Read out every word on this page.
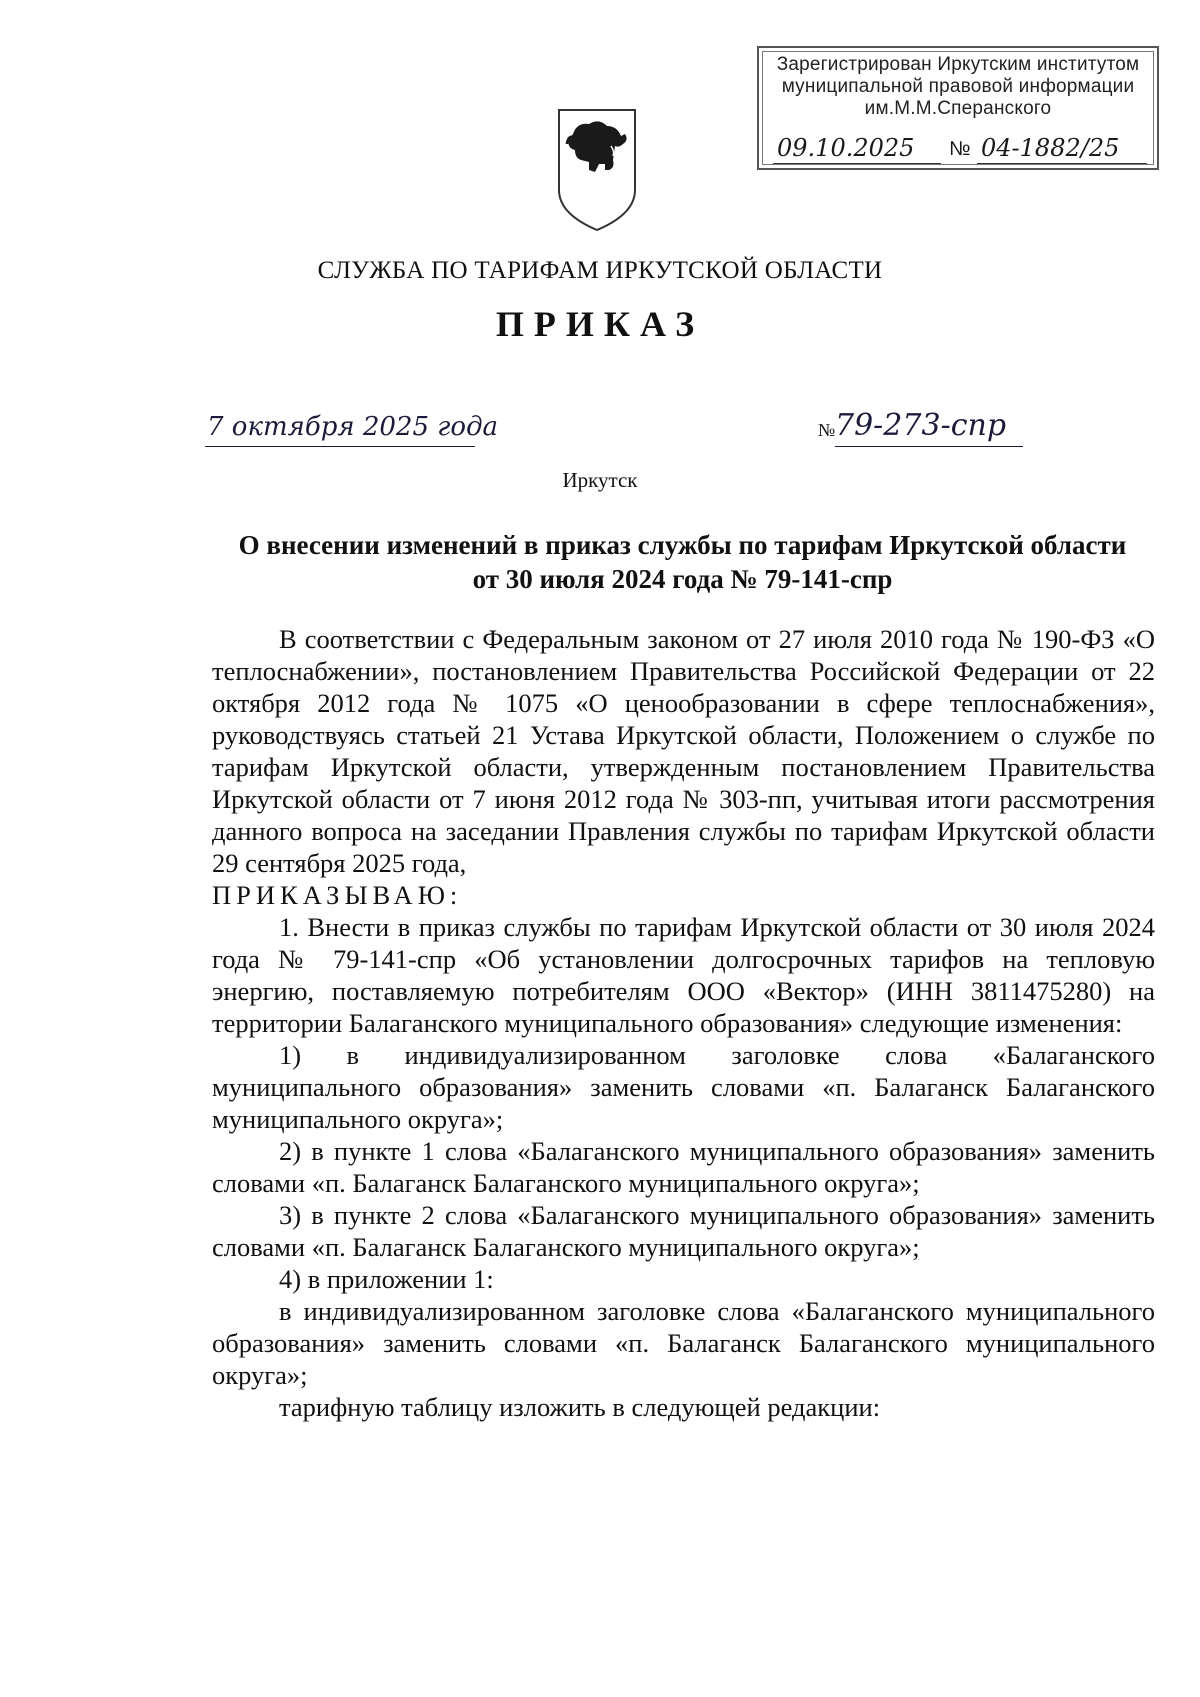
Зарегистрирован Иркутским институтом
муниципальной правовой информации
им.М.М.Сперанского
09.10.2025 № 04-1882/25
СЛУЖБА ПО ТАРИФАМ ИРКУТСКОЙ ОБЛАСТИ
ПРИКАЗ
7 октября 2025 года	№ 79-273-спр
Иркутск
О внесении изменений в приказ службы по тарифам Иркутской области
от 30 июля 2024 года № 79-141-спр

В соответствии с Федеральным законом от 27 июля 2010 года № 190-ФЗ «О теплоснабжении», постановлением Правительства Российской Федерации от 22 октября 2012 года № 1075 «О ценообразовании в сфере теплоснабжения», руководствуясь статьей 21 Устава Иркутской области, Положением о службе по тарифам Иркутской области, утвержденным постановлением Правительства Иркутской области от 7 июня 2012 года № 303-пп, учитывая итоги рассмотрения данного вопроса на заседании Правления службы по тарифам Иркутской области 29 сентября 2025 года,

ПРИКАЗЫВАЮ:

1. Внести в приказ службы по тарифам Иркутской области от 30 июля 2024 года № 79-141-спр «Об установлении долгосрочных тарифов на тепловую энергию, поставляемую потребителям ООО «Вектор» (ИНН 3811475280) на территории Балаганского муниципального образования» следующие изменения:

1) в индивидуализированном заголовке слова «Балаганского муниципального образования» заменить словами «п. Балаганск Балаганского муниципального округа»;

2) в пункте 1 слова «Балаганского муниципального образования» заменить словами «п. Балаганск Балаганского муниципального округа»;

3) в пункте 2 слова «Балаганского муниципального образования» заменить словами «п. Балаганск Балаганского муниципального округа»;

4) в приложении 1:

в индивидуализированном заголовке слова «Балаганского муниципального образования» заменить словами «п. Балаганск Балаганского муниципального округа»;

тарифную таблицу изложить в следующей редакции:
